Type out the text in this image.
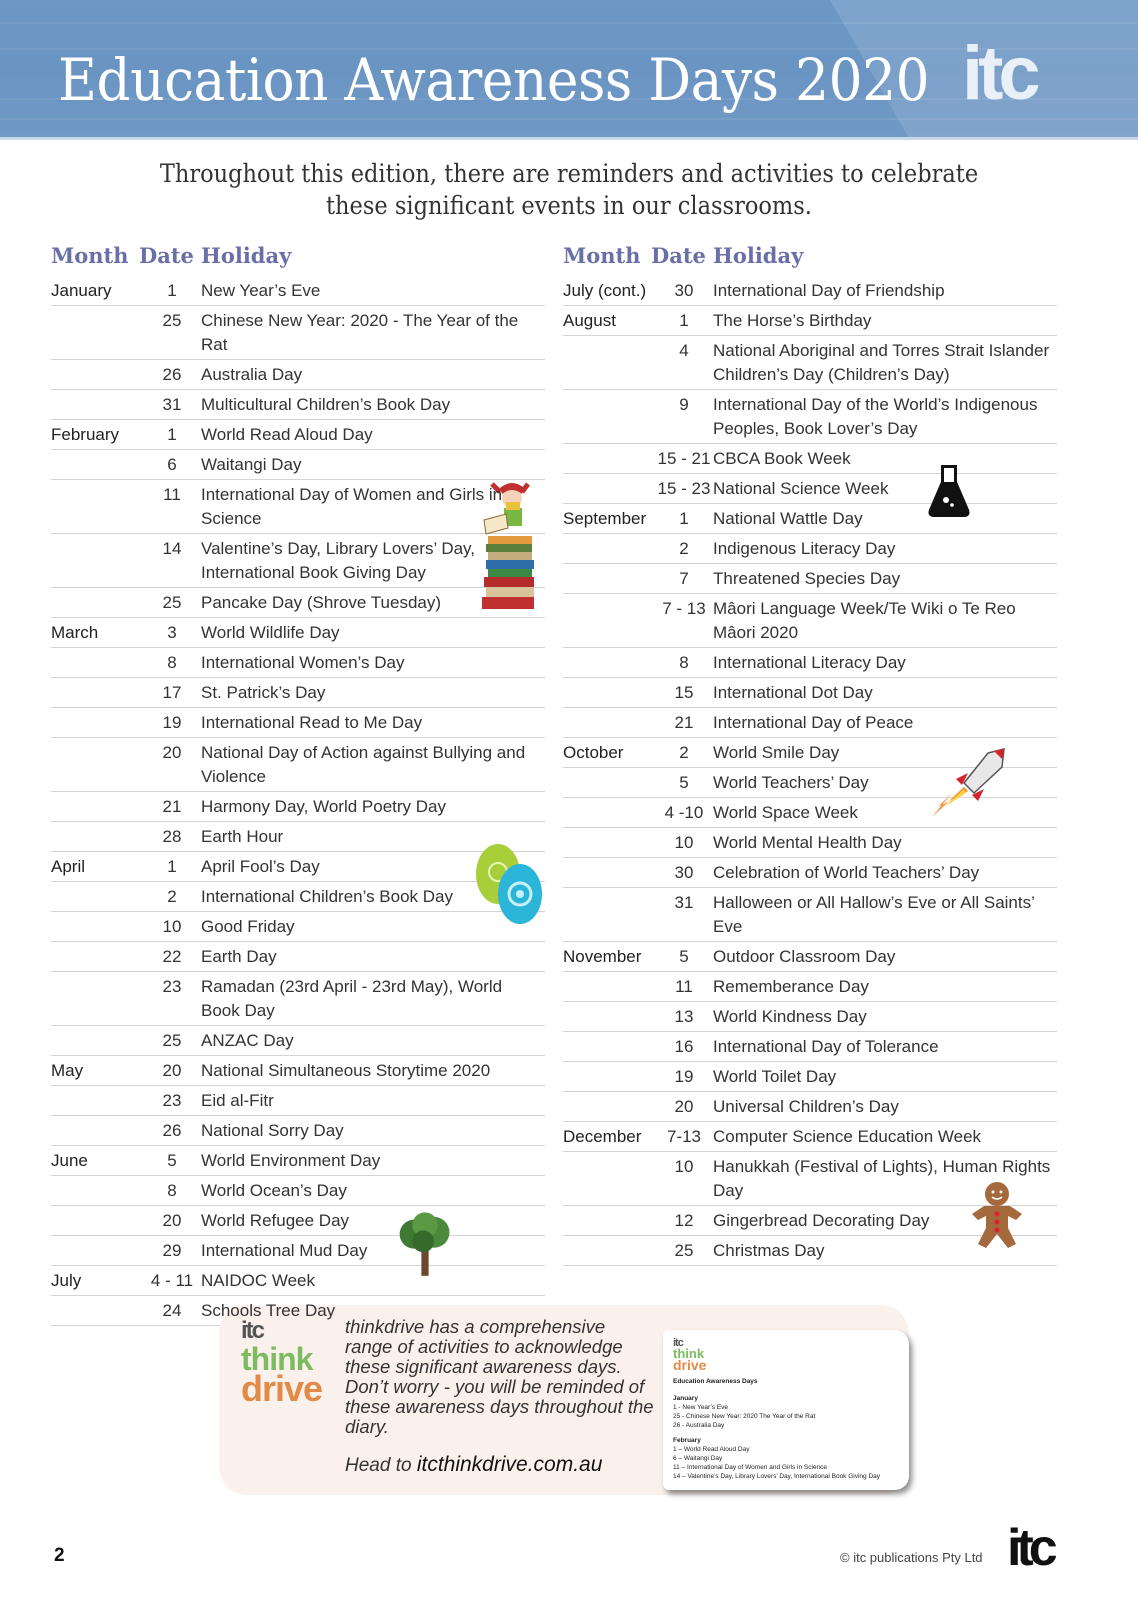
Education Awareness Days 2020 itc
Throughout this edition, there are reminders and activities to celebrate these significant events in our classrooms.
Month Date Holiday
January	1	New Year’s Eve
25	Chinese New Year: 2020 - The Year of the Rat
26	Australia Day
31	Multicultural Children’s Book Day
February	1	World Read Aloud Day
6	Waitangi Day
11	International Day of Women and Girls in Science
14	Valentine’s Day, Library Lovers’ Day, International Book Giving Day
25	Pancake Day (Shrove Tuesday)
March	3	World Wildlife Day
8	International Women’s Day
17	St. Patrick’s Day
19	International Read to Me Day
20	National Day of Action against Bullying and Violence
21	Harmony Day, World Poetry Day
28	Earth Hour
April	1	April Fool’s Day
2	International Children’s Book Day
10	Good Friday
22	Earth Day
23	Ramadan (23rd April - 23rd May), World Book Day
25	ANZAC Day
May	20	National Simultaneous Storytime 2020
23	Eid al-Fitr
26	National Sorry Day
June	5	World Environment Day
8	World Ocean’s Day
20	World Refugee Day
29	International Mud Day
July	4 - 11 NAIDOC Week
24	Schools Tree Day
Month Date Holiday
July (cont.)	30	International Day of Friendship
August	1	The Horse’s Birthday
4	National Aboriginal and Torres Strait Islander Children’s Day (Children’s Day)
9	International Day of the World’s Indigenous Peoples, Book Lover’s Day
15 - 21 CBCA Book Week
15 - 23 National Science Week
September	1	National Wattle Day
2	Indigenous Literacy Day
7	Threatened Species Day
7 - 13 Mâori Language Week/Te Wiki o Te Reo Mâori 2020
8	International Literacy Day
15	International Dot Day
21	International Day of Peace
October	2	World Smile Day
5	World Teachers’ Day
4 -10 World Space Week
10	World Mental Health Day
30	Celebration of World Teachers’ Day
31	Halloween or All Hallow’s Eve or All Saints’ Eve
November	5	Outdoor Classroom Day
11	Rememberance Day
13	World Kindness Day
16	International Day of Tolerance
19	World Toilet Day
20	Universal Children’s Day
December	7-13 Computer Science Education Week
10	Hanukkah (Festival of Lights), Human Rights Day
12	Gingerbread Decorating Day
25	Christmas Day
itc
think
drive
thinkdrive has a comprehensive range of activities to acknowledge these significant awareness days. Don’t worry - you will be reminded of these awareness days throughout the diary.
Head to itcthinkdrive.com.au
itc
think
drive
Education Awareness Days
January
1 - New Year’s Eve
25 - Chinese New Year: 2020 The Year of the Rat
26 - Australia Day
February
1 – World Read Aloud Day
6 – Waitangi Day
11 – International Day of Women and Girls in Science
14 – Valentine’s Day, Library Lovers’ Day, International Book Giving Day
2	© itc publications Pty Ltd itc
